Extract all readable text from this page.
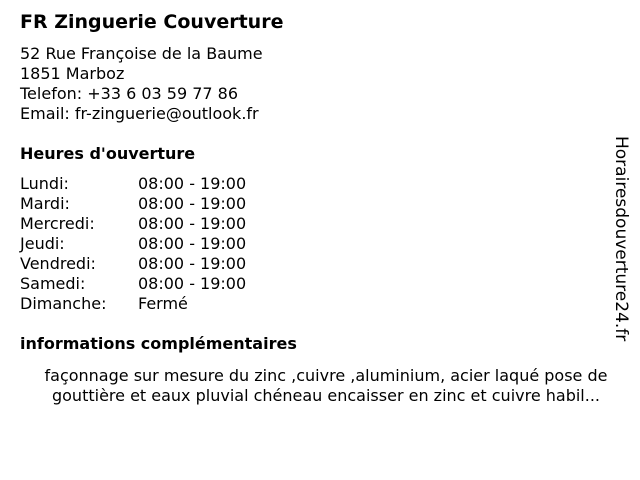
FR Zinguerie Couverture
52 Rue Françoise de la Baume
1851 Marboz
Telefon: +33 6 03 59 77 86
Email: fr-zinguerie@outlook.fr
Heures d'ouverture
Lundi:	08:00 - 19:00
Mardi:	08:00 - 19:00
Mercredi:	08:00 - 19:00
Jeudi:	08:00 - 19:00
Vendredi:	08:00 - 19:00
Samedi:	08:00 - 19:00
Dimanche:	Fermé
informations complémentaires
façonnage sur mesure du zinc ,cuivre ,aluminium, acier laqué pose de
gouttière et eaux pluvial chéneau encaisser en zinc et cuivre habil...
Horairesdouverture24.fr
